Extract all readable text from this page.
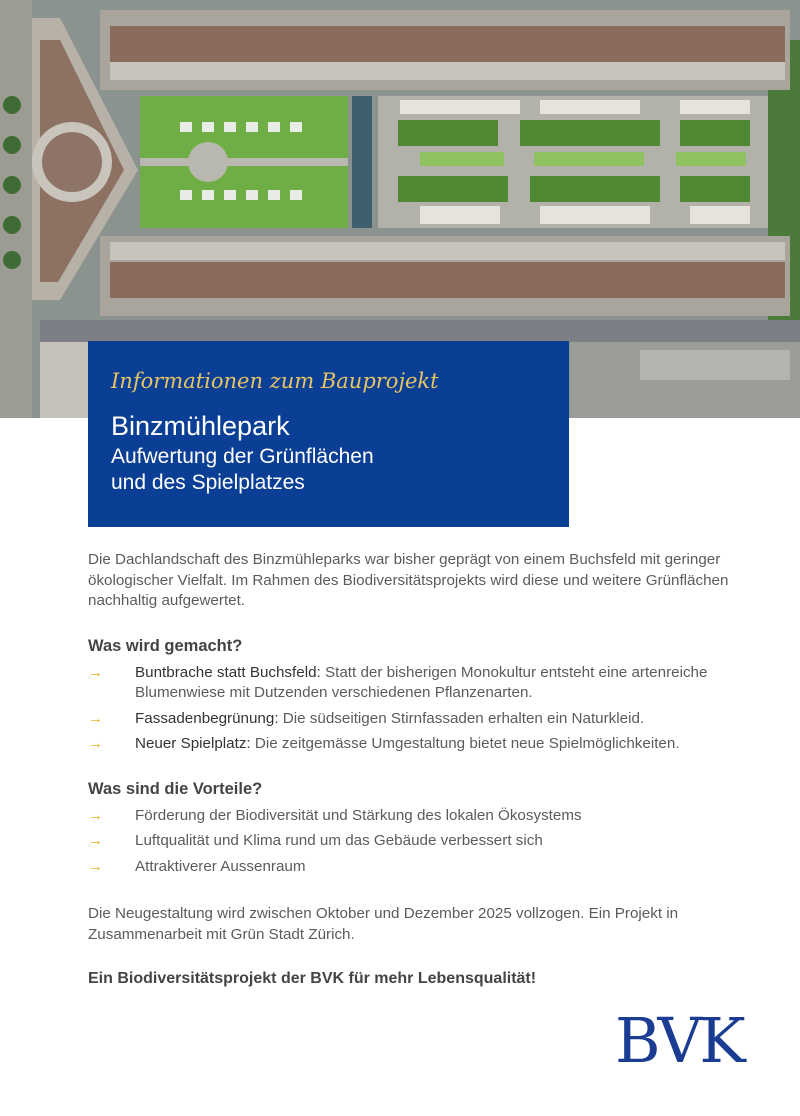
Informationen zum Bauprojekt

Binzmühlepark

Aufwertung der Grünflächen

und des Spielplatzes

Die Dachlandschaft des Binzmühleparks war bisher geprägt von einem Buchsfeld mit geringer ökologischer Vielfalt. Im Rahmen des Biodiversitätsprojekts wird diese und weitere Grünflächen nachhaltig aufgewertet.

Was wird gemacht?
→ Buntbrache statt Buchsfeld: Statt der bisherigen Monokultur entsteht eine artenreiche Blumenwiese mit Dutzenden verschiedenen Pflanzenarten.
→ Fassadenbegrünung: Die südseitigen Stirnfassaden erhalten ein Naturkleid.
→ Neuer Spielplatz: Die zeitgemässe Umgestaltung bietet neue Spielmöglichkeiten.
Was sind die Vorteile?
→ Förderung der Biodiversität und Stärkung des lokalen Ökosystems
→ Luftqualität und Klima rund um das Gebäude verbessert sich
→ Attraktiverer Aussenraum

Die Neugestaltung wird zwischen Oktober und Dezember 2025 vollzogen. Ein Projekt in Zusammenarbeit mit Grün Stadt Zürich.

Ein Biodiversitätsprojekt der BVK für mehr Lebensqualität!

BVK
